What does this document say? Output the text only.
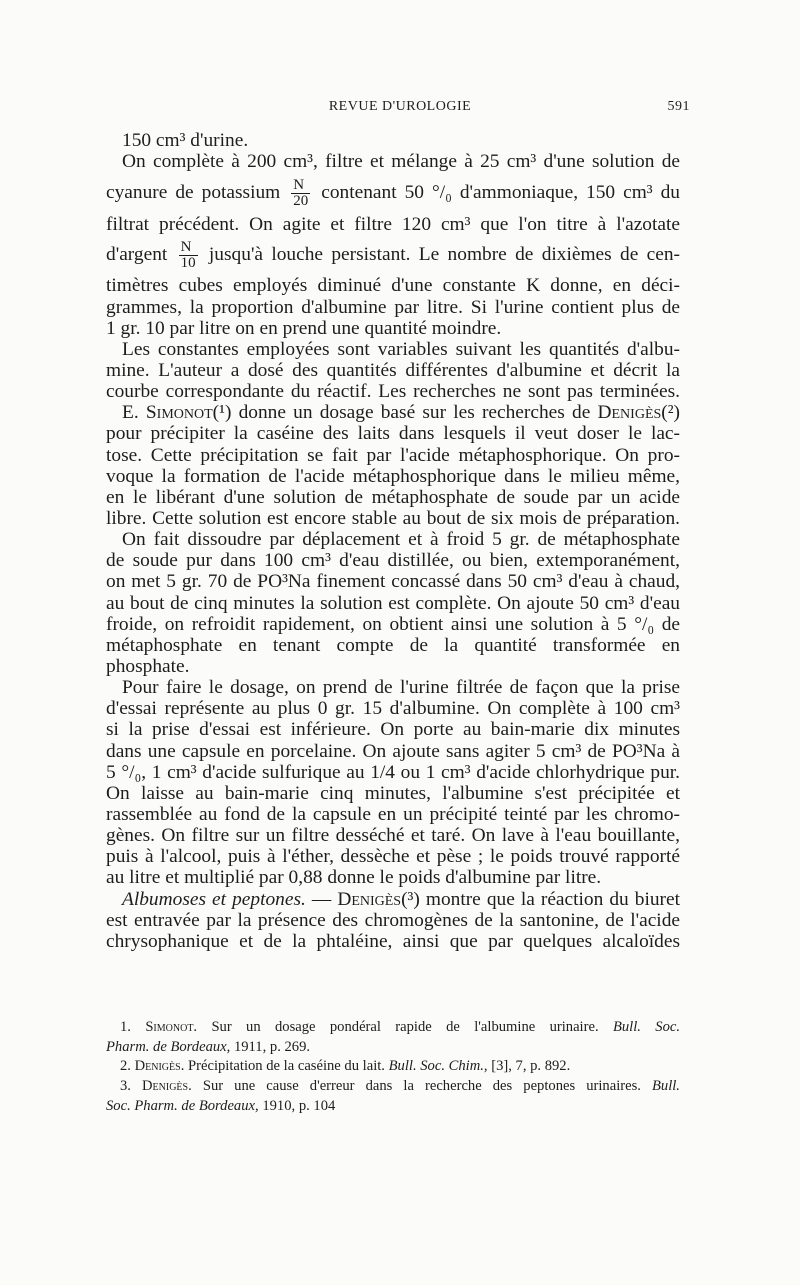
REVUE D'UROLOGIE	591
150 cm³ d'urine.
On complète à 200 cm³, filtre et mélange à 25 cm³ d'une solution de
cyanure de potassium $\frac{N}{20}$ contenant 50 °/₀ d'ammoniaque, 150 cm³ du
filtrat précédent. On agite et filtre 120 cm³ que l'on titre à l'azotate
d'argent $\frac{N}{10}$ jusqu'à louche persistant. Le nombre de dixièmes de cen-
timètres cubes employés diminué d'une constante K donne, en déci-
grammes, la proportion d'albumine par litre. Si l'urine contient plus de
1 gr. 10 par litre on en prend une quantité moindre.
Les constantes employées sont variables suivant les quantités d'albu-
mine. L'auteur a dosé des quantités différentes d'albumine et décrit la
courbe correspondante du réactif. Les recherches ne sont pas terminées.
E. Simonot(¹) donne un dosage basé sur les recherches de Denigès(²)
pour précipiter la caséine des laits dans lesquels il veut doser le lac-
tose. Cette précipitation se fait par l'acide métaphosphorique. On pro-
voque la formation de l'acide métaphosphorique dans le milieu même,
en le libérant d'une solution de métaphosphate de soude par un acide
libre. Cette solution est encore stable au bout de six mois de préparation.
On fait dissoudre par déplacement et à froid 5 gr. de métaphosphate
de soude pur dans 100 cm³ d'eau distillée, ou bien, extemporanément,
on met 5 gr. 70 de PO³Na finement concassé dans 50 cm³ d'eau à chaud,
au bout de cinq minutes la solution est complète. On ajoute 50 cm³ d'eau
froide, on refroidit rapidement, on obtient ainsi une solution à 5 °/₀ de
métaphosphate en tenant compte de la quantité transformée en
phosphate.
Pour faire le dosage, on prend de l'urine filtrée de façon que la prise
d'essai représente au plus 0 gr. 15 d'albumine. On complète à 100 cm³
si la prise d'essai est inférieure. On porte au bain-marie dix minutes
dans une capsule en porcelaine. On ajoute sans agiter 5 cm³ de PO³Na à
5 °/₀, 1 cm³ d'acide sulfurique au 1/4 ou 1 cm³ d'acide chlorhydrique pur.
On laisse au bain-marie cinq minutes, l'albumine s'est précipitée et
rassemblée au fond de la capsule en un précipité teinté par les chromo-
gènes. On filtre sur un filtre desséché et taré. On lave à l'eau bouillante,
puis à l'alcool, puis à l'éther, dessèche et pèse ; le poids trouvé rapporté
au litre et multiplié par 0,88 donne le poids d'albumine par litre.
Albumoses et peptones. — Denigès(³) montre que la réaction du biuret
est entravée par la présence des chromogènes de la santonine, de l'acide
chrysophanique et de la phtaléine, ainsi que par quelques alcaloïdes
1. Simonot. Sur un dosage pondéral rapide de l'albumine urinaire. Bull. Soc.
Pharm. de Bordeaux, 1911, p. 269.
2. Denigès. Précipitation de la caséine du lait. Bull. Soc. Chim., [3], 7, p. 892.
3. Denigès. Sur une cause d'erreur dans la recherche des peptones urinaires. Bull.
Soc. Pharm. de Bordeaux, 1910, p. 104
